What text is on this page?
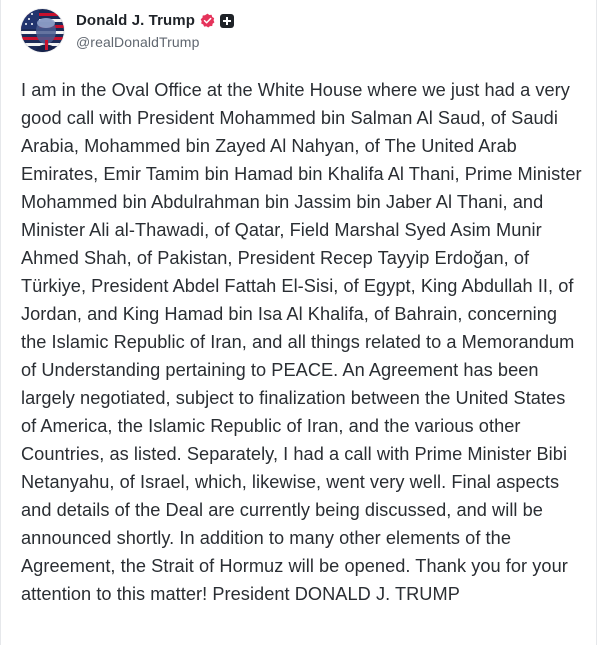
Donald J. Trump
@realDonaldTrump

I am in the Oval Office at the White House where we just had a very good call with President Mohammed bin Salman Al Saud, of Saudi Arabia, Mohammed bin Zayed Al Nahyan, of The United Arab Emirates, Emir Tamim bin Hamad bin Khalifa Al Thani, Prime Minister Mohammed bin Abdulrahman bin Jassim bin Jaber Al Thani, and Minister Ali al-Thawadi, of Qatar, Field Marshal Syed Asim Munir Ahmed Shah, of Pakistan, President Recep Tayyip Erdoğan, of Türkiye, President Abdel Fattah El-Sisi, of Egypt, King Abdullah II, of Jordan, and King Hamad bin Isa Al Khalifa, of Bahrain, concerning the Islamic Republic of Iran, and all things related to a Memorandum of Understanding pertaining to PEACE. An Agreement has been largely negotiated, subject to finalization between the United States of America, the Islamic Republic of Iran, and the various other Countries, as listed. Separately, I had a call with Prime Minister Bibi Netanyahu, of Israel, which, likewise, went very well. Final aspects and details of the Deal are currently being discussed, and will be announced shortly. In addition to many other elements of the Agreement, the Strait of Hormuz will be opened. Thank you for your attention to this matter! President DONALD J. TRUMP
